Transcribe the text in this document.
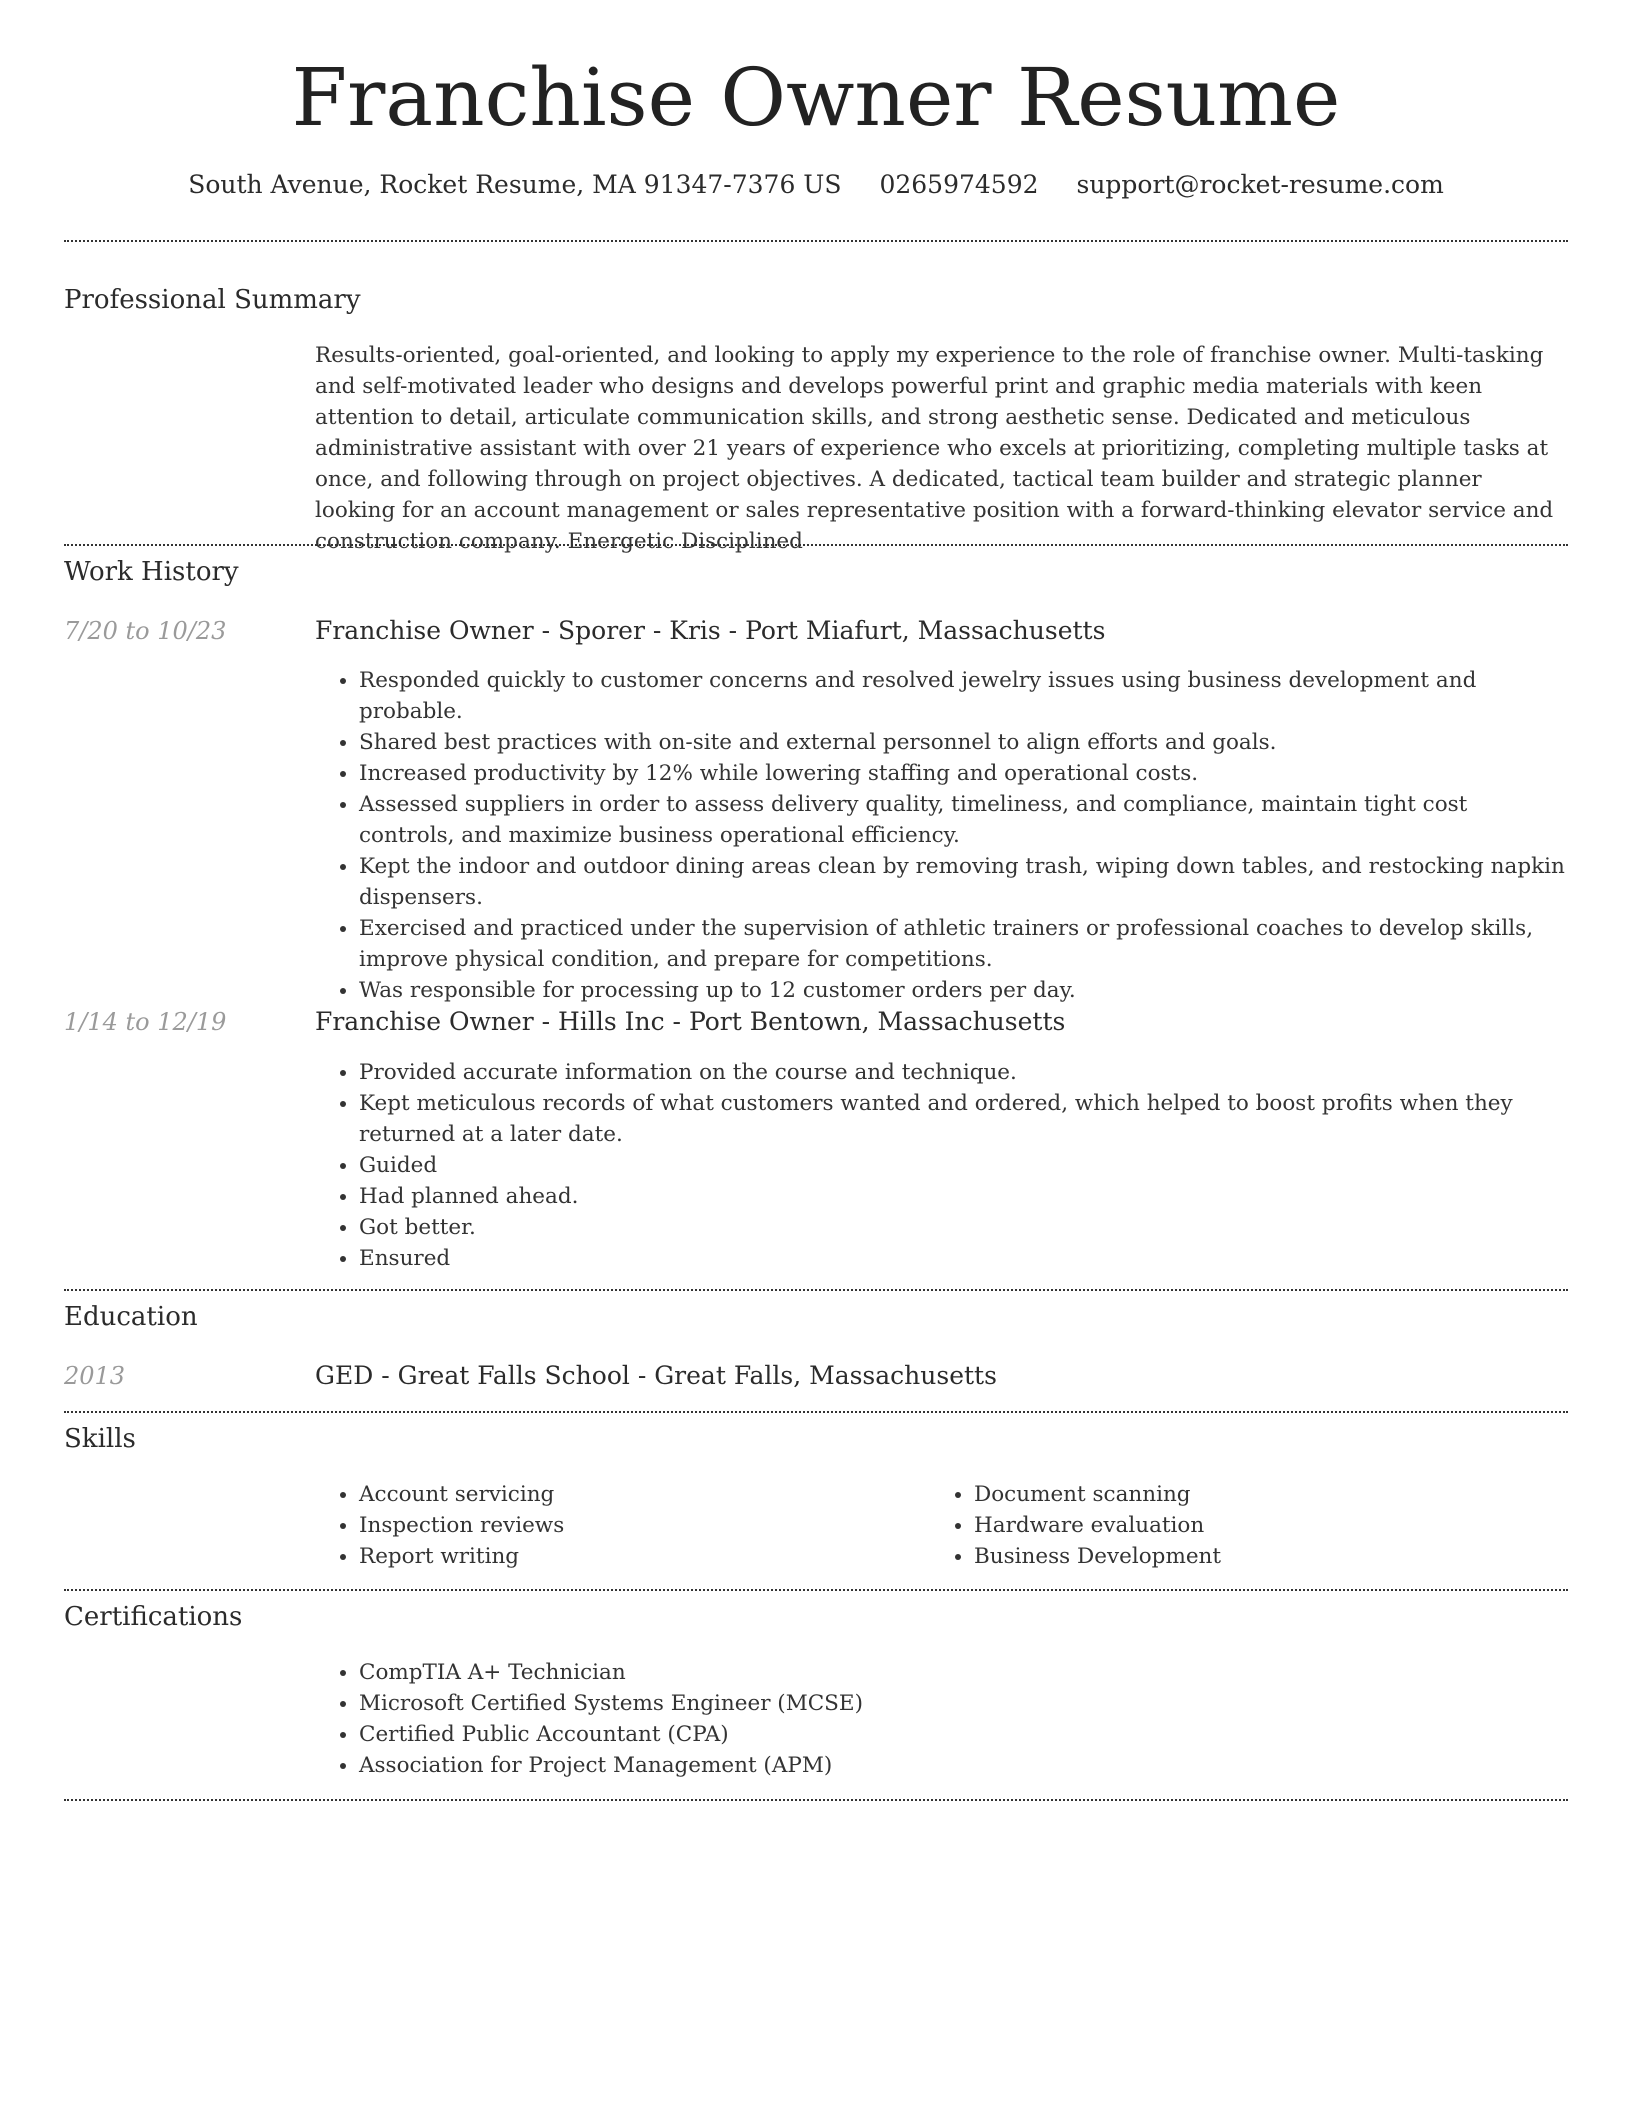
Franchise Owner Resume
South Avenue, Rocket Resume, MA 91347-7376 US 0265974592 support@rocket-resume.com
Professional Summary
Results-oriented, goal-oriented, and looking to apply my experience to the role of franchise owner. Multi-tasking and self-motivated leader who designs and develops powerful print and graphic media materials with keen attention to detail, articulate communication skills, and strong aesthetic sense. Dedicated and meticulous administrative assistant with over 21 years of experience who excels at prioritizing, completing multiple tasks at once, and following through on project objectives. A dedicated, tactical team builder and strategic planner looking for an account management or sales representative position with a forward-thinking elevator service and construction company. Energetic Disciplined
Work History
7/20 to 10/23	Franchise Owner - Sporer - Kris - Port Miafurt, Massachusetts
• Responded quickly to customer concerns and resolved jewelry issues using business development and probable.
• Shared best practices with on-site and external personnel to align efforts and goals.
• Increased productivity by 12% while lowering staffing and operational costs.
• Assessed suppliers in order to assess delivery quality, timeliness, and compliance, maintain tight cost controls, and maximize business operational efficiency.
• Kept the indoor and outdoor dining areas clean by removing trash, wiping down tables, and restocking napkin dispensers.
• Exercised and practiced under the supervision of athletic trainers or professional coaches to develop skills, improve physical condition, and prepare for competitions.
• Was responsible for processing up to 12 customer orders per day.
1/14 to 12/19	Franchise Owner - Hills Inc - Port Bentown, Massachusetts
• Provided accurate information on the course and technique.
• Kept meticulous records of what customers wanted and ordered, which helped to boost profits when they returned at a later date.
• Guided
• Had planned ahead.
• Got better.
• Ensured
Education
2013	GED - Great Falls School - Great Falls, Massachusetts
Skills
• Account servicing
• Inspection reviews
• Report writing
• Document scanning
• Hardware evaluation
• Business Development
Certifications
• CompTIA A+ Technician
• Microsoft Certified Systems Engineer (MCSE)
• Certified Public Accountant (CPA)
• Association for Project Management (APM)
